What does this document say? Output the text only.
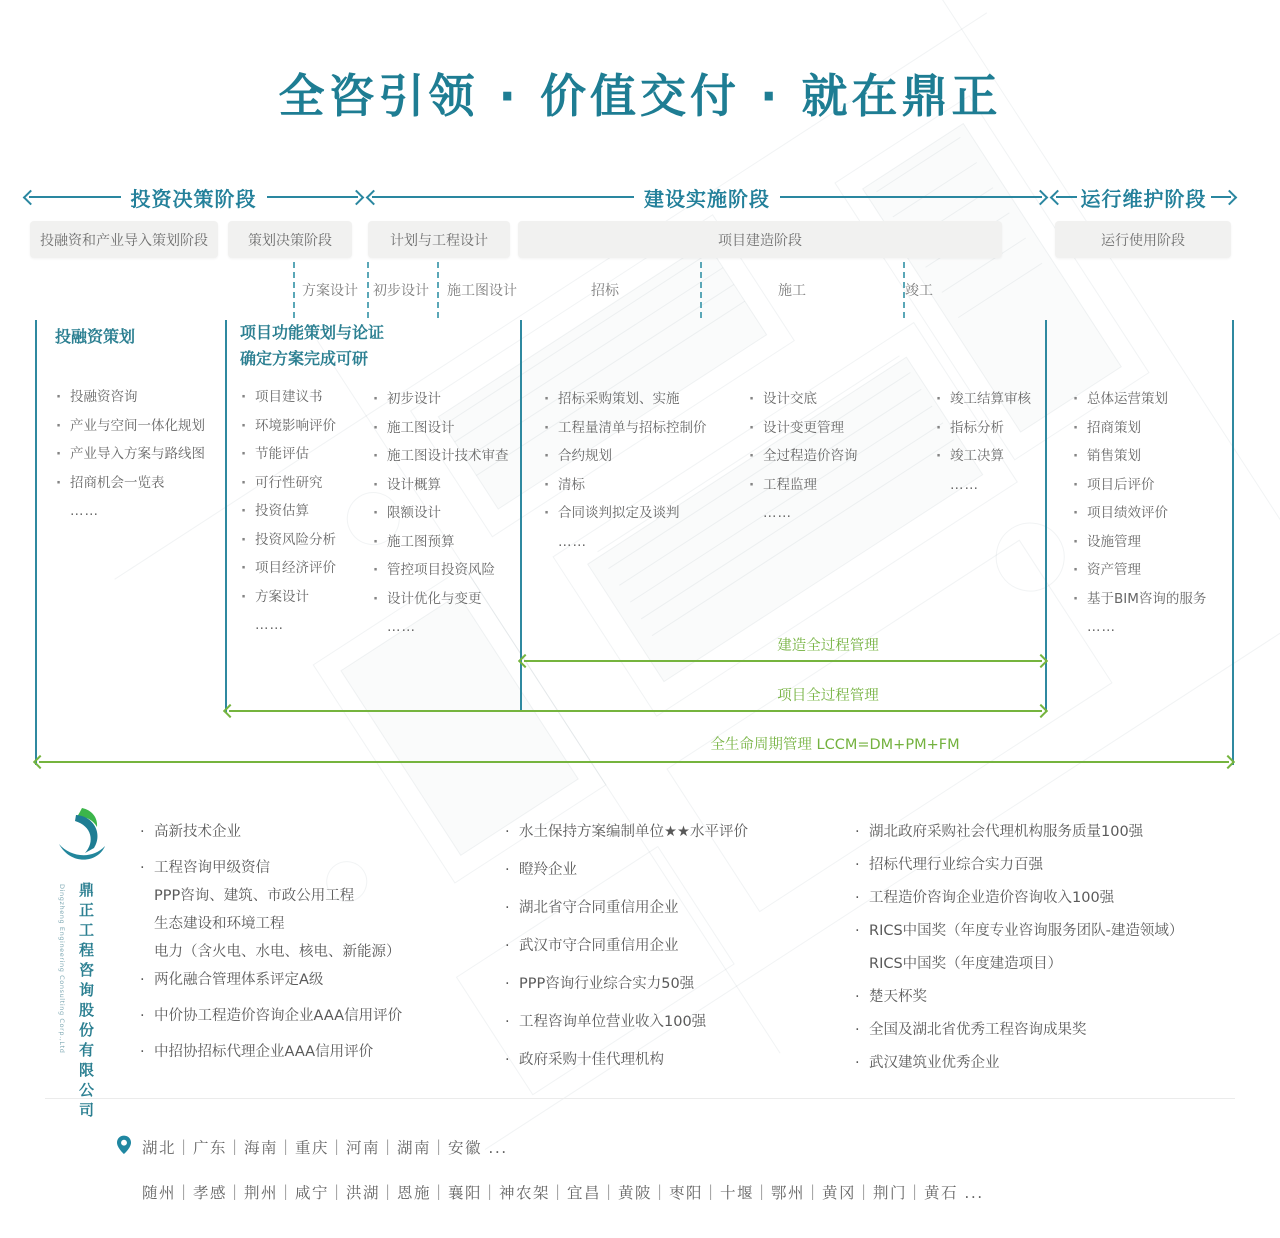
全咨引领 · 价值交付 · 就在鼎正
投资决策阶段	建设实施阶段	运行维护阶段
投融资和产业导入策划阶段	策划决策阶段	计划与工程设计	项目建造阶段	运行使用阶段
方案设计 初步设计 施工图设计	招标	施工	竣工
投融资策划	项目功能策划与论证
确定方案完成可研
· 投融资咨询
· 产业与空间一体化规划
· 产业导入方案与路线图
· 招商机会一览表
……
· 项目建议书
· 环境影响评价
· 节能评估
· 可行性研究
· 投资估算
· 投资风险分析
· 项目经济评价
· 方案设计
……
· 初步设计
· 施工图设计
· 施工图设计技术审查
· 设计概算
· 限额设计
· 施工图预算
· 管控项目投资风险
· 设计优化与变更
……
· 招标采购策划、实施
· 工程量清单与招标控制价
· 合约规划
· 清标
· 合同谈判拟定及谈判
……
· 设计交底
· 设计变更管理
· 全过程造价咨询
· 工程监理
……
· 竣工结算审核
· 指标分析
· 竣工决算
……
· 总体运营策划
· 招商策划
· 销售策划
· 项目后评价
· 项目绩效评价
· 设施管理
· 资产管理
· 基于BIM咨询的服务
……
建造全过程管理
项目全过程管理
全生命周期管理 LCCM=DM+PM+FM
鼎正工程咨询股份有限公司
Dingzheng Engineering Consulting Corp.,Ltd
· 高新技术企业
· 工程咨询甲级资信
PPP咨询、建筑、市政公用工程
生态建设和环境工程
电力（含火电、水电、核电、新能源）
· 两化融合管理体系评定A级
· 中价协工程造价咨询企业AAA信用评价
· 中招协招标代理企业AAA信用评价
· 水土保持方案编制单位★★水平评价
· 瞪羚企业
· 湖北省守合同重信用企业
· 武汉市守合同重信用企业
· PPP咨询行业综合实力50强
· 工程咨询单位营业收入100强
· 政府采购十佳代理机构
· 湖北政府采购社会代理机构服务质量100强
· 招标代理行业综合实力百强
· 工程造价咨询企业造价咨询收入100强
· RICS中国奖（年度专业咨询服务团队-建造领域）
RICS中国奖（年度建造项目）
· 楚天杯奖
· 全国及湖北省优秀工程咨询成果奖
· 武汉建筑业优秀企业
湖北｜广东｜海南｜重庆｜河南｜湖南｜安徽 ...
随州｜孝感｜荆州｜咸宁｜洪湖｜恩施｜襄阳｜神农架｜宜昌｜黄陂｜枣阳｜十堰｜鄂州｜黄冈｜荆门｜黄石 ...
